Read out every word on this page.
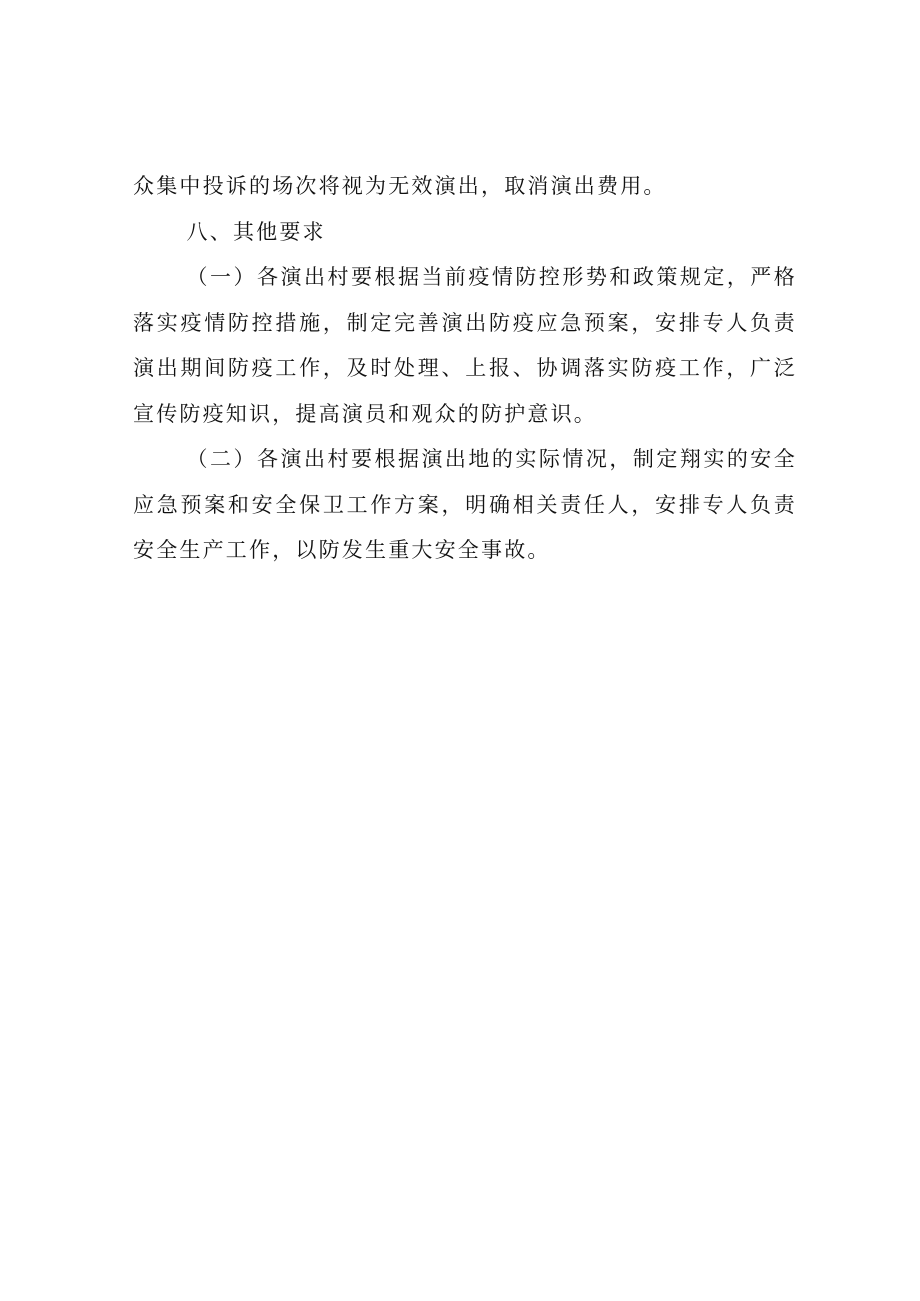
众集中投诉的场次将视为无效演出，取消演出费用。

八、其他要求

（一）各演出村要根据当前疫情防控形势和政策规定，严格落实疫情防控措施，制定完善演出防疫应急预案，安排专人负责演出期间防疫工作，及时处理、上报、协调落实防疫工作，广泛宣传防疫知识，提高演员和观众的防护意识。

（二）各演出村要根据演出地的实际情况，制定翔实的安全应急预案和安全保卫工作方案，明确相关责任人，安排专人负责安全生产工作，以防发生重大安全事故。
